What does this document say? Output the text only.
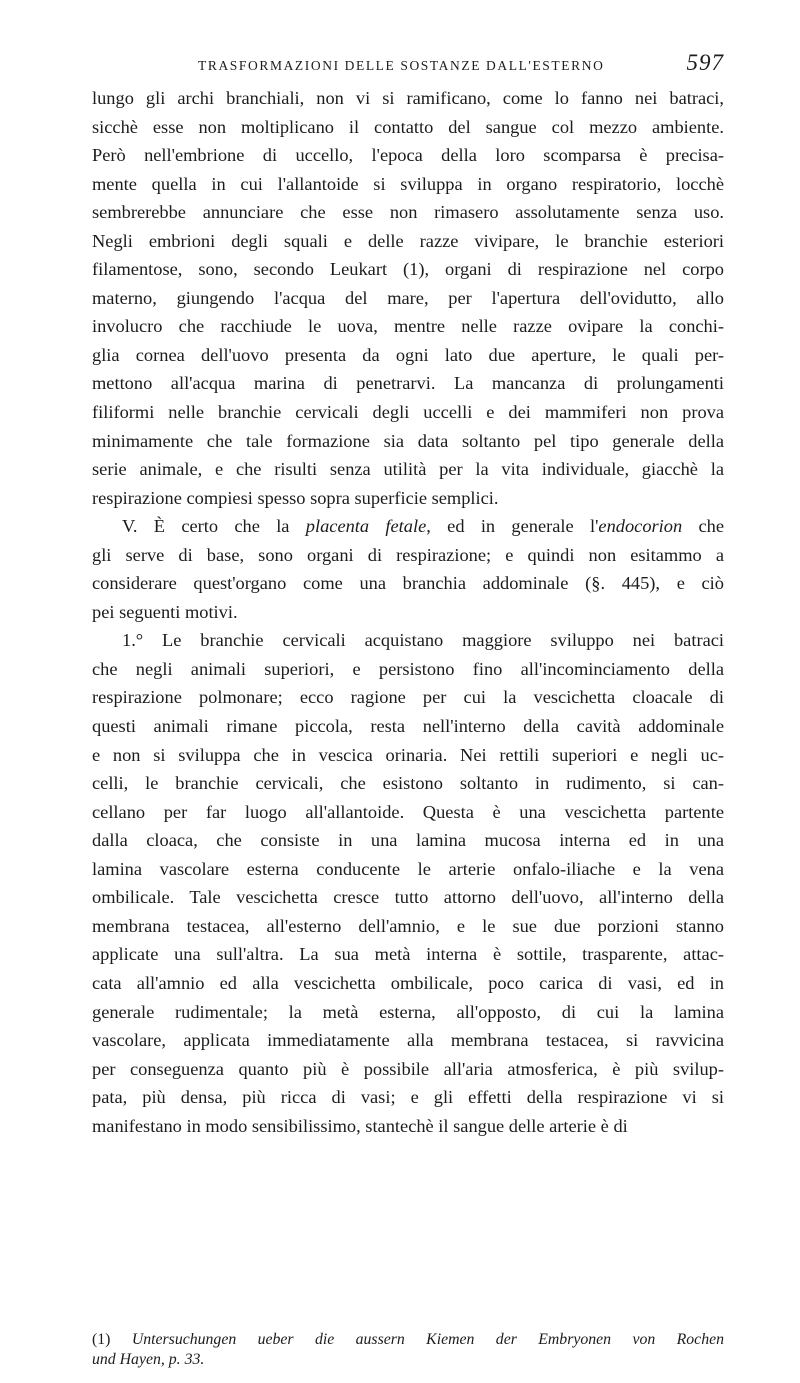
TRASFORMAZIONI DELLE SOSTANZE DALL'ESTERNO	597
lungo gli archi branchiali, non vi si ramificano, come lo fanno nei batraci,
sicchè esse non moltiplicano il contatto del sangue col mezzo ambiente.
Però nell'embrione di uccello, l'epoca della loro scomparsa è precisa-
mente quella in cui l'allantoide si sviluppa in organo respiratorio, locchè
sembrerebbe annunciare che esse non rimasero assolutamente senza uso.
Negli embrioni degli squali e delle razze vivipare, le branchie esteriori
filamentose, sono, secondo Leukart (1), organi di respirazione nel corpo
materno, giungendo l'acqua del mare, per l'apertura dell'ovidutto, allo
involucro che racchiude le uova, mentre nelle razze ovipare la conchi-
glia cornea dell'uovo presenta da ogni lato due aperture, le quali per-
mettono all'acqua marina di penetrarvi. La mancanza di prolungamenti
filiformi nelle branchie cervicali degli uccelli e dei mammiferi non prova
minimamente che tale formazione sia data soltanto pel tipo generale della
serie animale, e che risulti senza utilità per la vita individuale, giacchè la
respirazione compiesi spesso sopra superficie semplici.
V. È certo che la placenta fetale, ed in generale l'endocorion che
gli serve di base, sono organi di respirazione; e quindi non esitammo a
considerare quest'organo come una branchia addominale (§. 445), e ciò
pei seguenti motivi.
1.° Le branchie cervicali acquistano maggiore sviluppo nei batraci
che negli animali superiori, e persistono fino all'incominciamento della
respirazione polmonare; ecco ragione per cui la vescichetta cloacale di
questi animali rimane piccola, resta nell'interno della cavità addominale
e non si sviluppa che in vescica orinaria. Nei rettili superiori e negli uc-
celli, le branchie cervicali, che esistono soltanto in rudimento, si can-
cellano per far luogo all'allantoide. Questa è una vescichetta partente
dalla cloaca, che consiste in una lamina mucosa interna ed in una
lamina vascolare esterna conducente le arterie onfalo-iliache e la vena
ombilicale. Tale vescichetta cresce tutto attorno dell'uovo, all'interno della
membrana testacea, all'esterno dell'amnio, e le sue due porzioni stanno
applicate una sull'altra. La sua metà interna è sottile, trasparente, attac-
cata all'amnio ed alla vescichetta ombilicale, poco carica di vasi, ed in
generale rudimentale; la metà esterna, all'opposto, di cui la lamina
vascolare, applicata immediatamente alla membrana testacea, si ravvicina
per conseguenza quanto più è possibile all'aria atmosferica, è più svilup-
pata, più densa, più ricca di vasi; e gli effetti della respirazione vi si
manifestano in modo sensibilissimo, stantechè il sangue delle arterie è di
(1) Untersuchungen ueber die aussern Kiemen der Embryonen von Rochen
und Hayen, p. 33.
